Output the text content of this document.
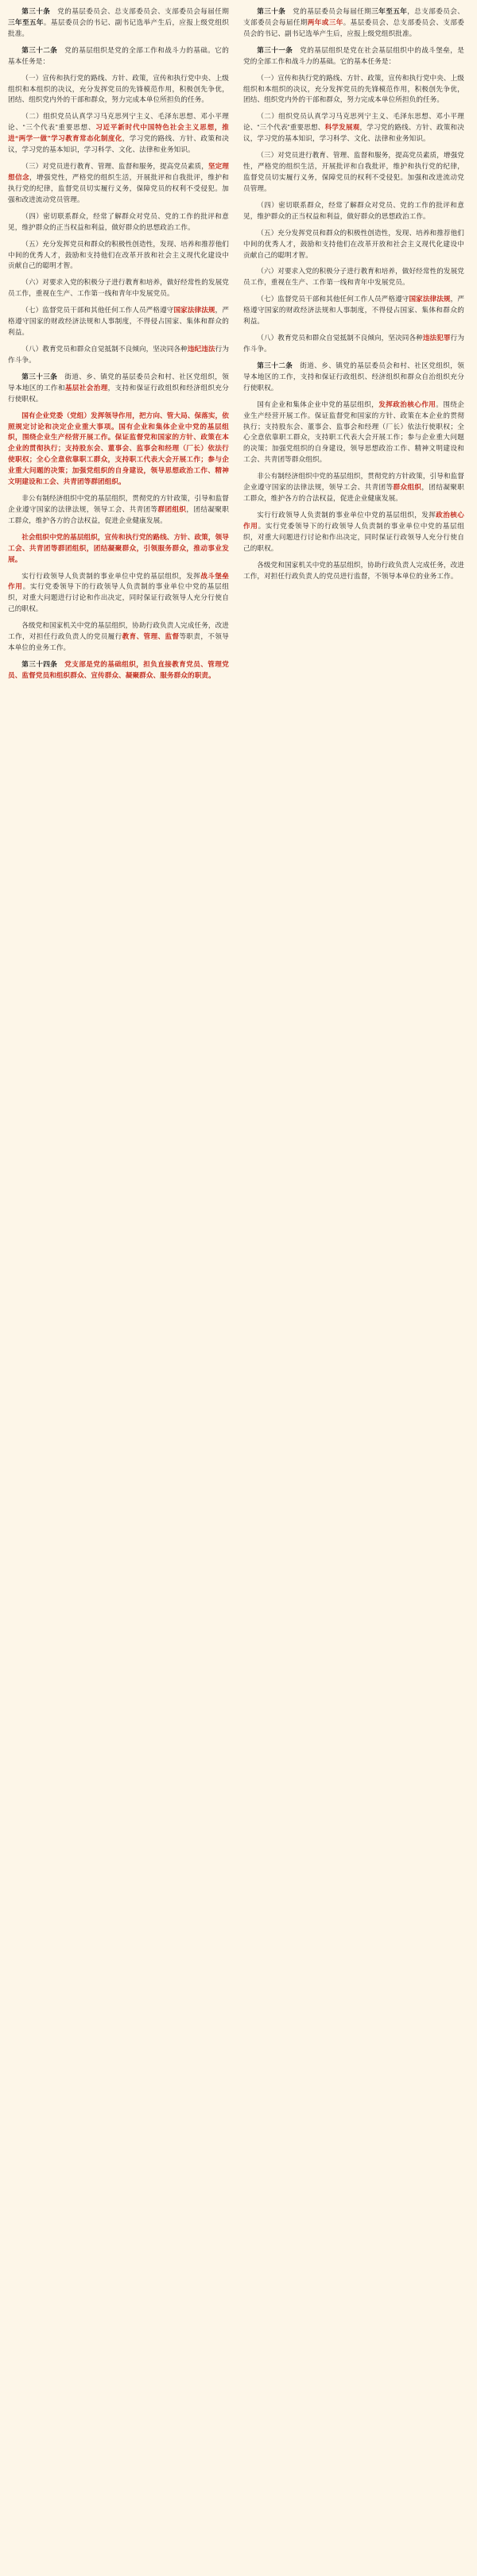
第三十条　党的基层委员会、总支部委员会、支部委员会每届任期三年至五年。基层委员会的书记、副书记选举产生后，应报上级党组织批准。

第三十二条　党的基层组织是党的全部工作和战斗力的基础。它的基本任务是：

（一）宣传和执行党的路线、方针、政策，宣传和执行党中央、上级组织和本组织的决议，充分发挥党员的先锋模范作用，积极创先争优，团结、组织党内外的干部和群众，努力完成本单位所担负的任务。

（二）组织党员认真学习马克思列宁主义、毛泽东思想、邓小平理论、“三个代表”重要思想、习近平新时代中国特色社会主义思想，推进“两学一做”学习教育常态化制度化，学习党的路线、方针、政策和决议，学习党的基本知识，学习科学、文化、法律和业务知识。

（三）对党员进行教育、管理、监督和服务，提高党员素质，坚定理想信念，增强党性，严格党的组织生活，开展批评和自我批评，维护和执行党的纪律，监督党员切实履行义务，保障党员的权利不受侵犯。加强和改进流动党员管理。

（四）密切联系群众，经常了解群众对党员、党的工作的批评和意见，维护群众的正当权益和利益，做好群众的思想政治工作。

（五）充分发挥党员和群众的积极性创造性，发现、培养和推荐他们中间的优秀人才，鼓励和支持他们在改革开放和社会主义现代化建设中贡献自己的聪明才智。

（六）对要求入党的积极分子进行教育和培养，做好经常性的发展党员工作，重视在生产、工作第一线和青年中发展党员。

（七）监督党员干部和其他任何工作人员严格遵守国家法律法规，严格遵守国家的财政经济法规和人事制度，不得侵占国家、集体和群众的利益。

（八）教育党员和群众自觉抵制不良倾向，坚决同各种违纪违法行为作斗争。

第三十三条　街道、乡、镇党的基层委员会和村、社区党组织，领导本地区的工作和基层社会治理，支持和保证行政组织和经济组织充分行使职权。

国有企业党委（党组）发挥领导作用，把方向、管大局、保落实，依照规定讨论和决定企业重大事项。国有企业和集体企业中党的基层组织，围绕企业生产经营开展工作。保证监督党和国家的方针、政策在本企业的贯彻执行；支持股东会、董事会、监事会和经理（厂长）依法行使职权；全心全意依靠职工群众，支持职工代表大会开展工作；参与企业重大问题的决策；加强党组织的自身建设，领导思想政治工作、精神文明建设和工会、共青团等群团组织。

非公有制经济组织中党的基层组织，贯彻党的方针政策，引导和监督企业遵守国家的法律法规，领导工会、共青团等群团组织，团结凝聚职工群众，维护各方的合法权益，促进企业健康发展。

社会组织中党的基层组织，宣传和执行党的路线、方针、政策，领导工会、共青团等群团组织，团结凝聚群众，引领服务群众，推动事业发展。

实行行政领导人负责制的事业单位中党的基层组织，发挥战斗堡垒作用。实行党委领导下的行政领导人负责制的事业单位中党的基层组织，对重大问题进行讨论和作出决定，同时保证行政领导人充分行使自己的职权。

各级党和国家机关中党的基层组织，协助行政负责人完成任务，改进工作，对担任行政负责人的党员履行教育、管理、监督等职责，不领导本单位的业务工作。

第三十四条　 党支部是党的基础组织，担负直接教育党员、管理党员、监督党员和组织群众、宣传群众、凝聚群众、服务群众的职责。

第三十条　党的基层委员会每届任期三年至五年，总支部委员会、支部委员会每届任期两年或三年。基层委员会、总支部委员会、支部委员会的书记、副书记选举产生后，应报上级党组织批准。

第三十一条　党的基层组织是党在社会基层组织中的战斗堡垒，是党的全部工作和战斗力的基础。它的基本任务是：

（一）宣传和执行党的路线、方针、政策，宣传和执行党中央、上级组织和本组织的决议，充分发挥党员的先锋模范作用，积极创先争优，团结、组织党内外的干部和群众，努力完成本单位所担负的任务。

（二）组织党员认真学习马克思列宁主义、毛泽东思想、邓小平理论、“三个代表”重要思想、科学发展观，学习党的路线、方针、政策和决议，学习党的基本知识，学习科学、文化、法律和业务知识。

（三）对党员进行教育、管理、监督和服务，提高党员素质，增强党性，严格党的组织生活，开展批评和自我批评，维护和执行党的纪律，监督党员切实履行义务，保障党员的权利不受侵犯。加强和改进流动党员管理。

（四）密切联系群众，经常了解群众对党员、党的工作的批评和意见，维护群众的正当权益和利益，做好群众的思想政治工作。

（五）充分发挥党员和群众的积极性创造性，发现、培养和推荐他们中间的优秀人才，鼓励和支持他们在改革开放和社会主义现代化建设中贡献自己的聪明才智。

（六）对要求入党的积极分子进行教育和培养，做好经常性的发展党员工作，重视在生产、工作第一线和青年中发展党员。

（七）监督党员干部和其他任何工作人员严格遵守国家法律法规，严格遵守国家的财政经济法规和人事制度，不得侵占国家、集体和群众的利益。

（八）教育党员和群众自觉抵制不良倾向，坚决同各种违法犯罪行为作斗争。

第三十二条　街道、乡、镇党的基层委员会和村、社区党组织，领导本地区的工作，支持和保证行政组织、经济组织和群众自治组织充分行使职权。

国有企业和集体企业中党的基层组织，发挥政治核心作用。围绕企业生产经营开展工作。保证监督党和国家的方针、政策在本企业的贯彻执行；支持股东会、董事会、监事会和经理（厂长）依法行使职权；全心全意依靠职工群众，支持职工代表大会开展工作；参与企业重大问题的决策；加强党组织的自身建设，领导思想政治工作、精神文明建设和工会、共青团等群众组织。

非公有制经济组织中党的基层组织，贯彻党的方针政策，引导和监督企业遵守国家的法律法规，领导工会、共青团等群众组织，团结凝聚职工群众，维护各方的合法权益，促进企业健康发展。

实行行政领导人负责制的事业单位中党的基层组织，发挥政治核心作用。实行党委领导下的行政领导人负责制的事业单位中党的基层组织，对重大问题进行讨论和作出决定，同时保证行政领导人充分行使自己的职权。

各级党和国家机关中党的基层组织，协助行政负责人完成任务，改进工作，对担任行政负责人的党员进行监督，不领导本单位的业务工作。
